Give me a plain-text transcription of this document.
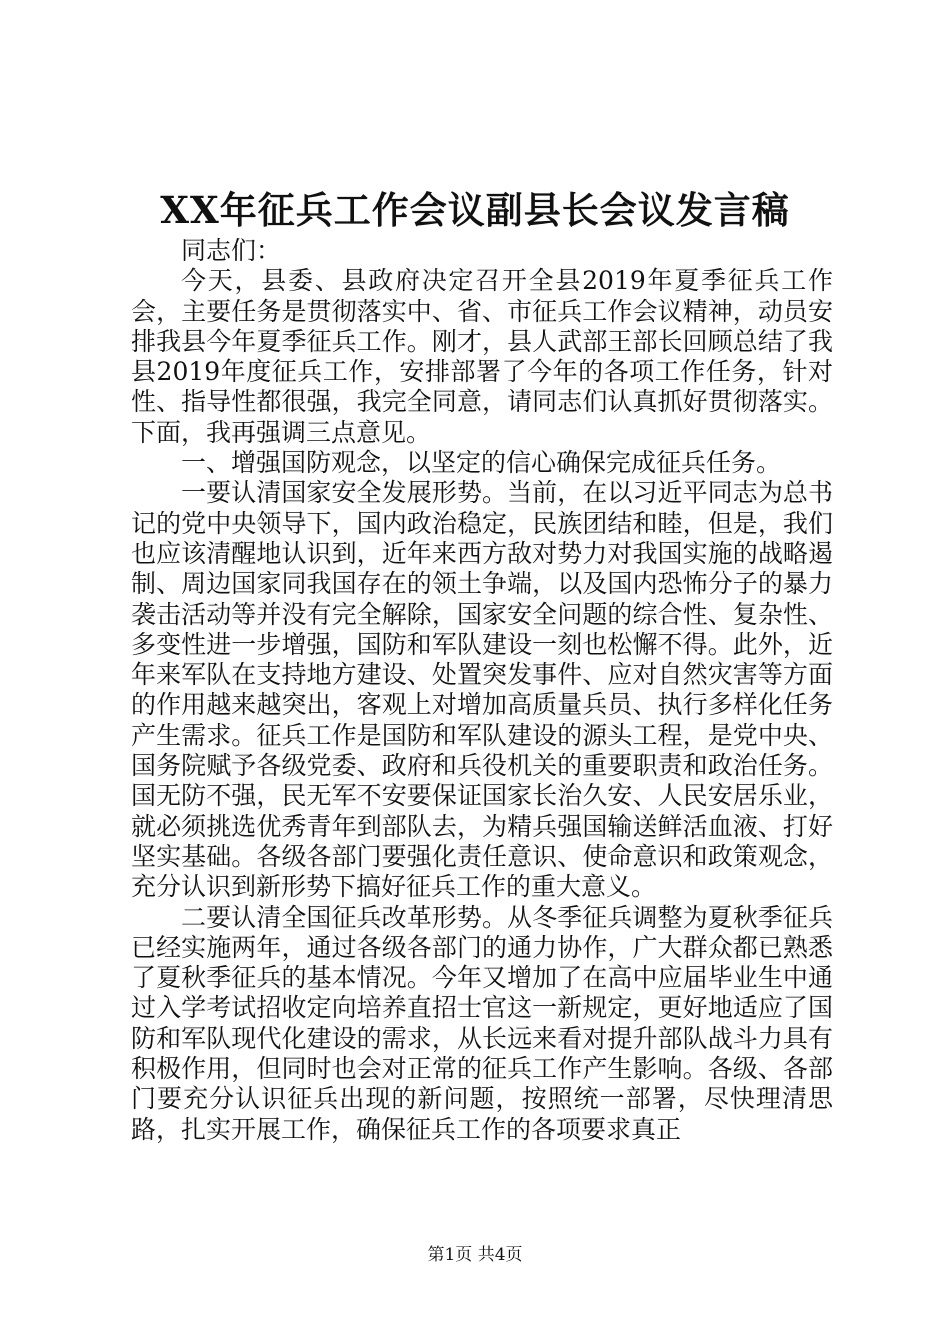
XX年征兵工作会议副县长会议发言稿

同志们：

今天，县委、县政府决定召开全县2019年夏季征兵工作会，主要任务是贯彻落实中、省、市征兵工作会议精神，动员安排我县今年夏季征兵工作。刚才，县人武部王部长回顾总结了我县2019年度征兵工作，安排部署了今年的各项工作任务，针对性、指导性都很强，我完全同意，请同志们认真抓好贯彻落实。下面，我再强调三点意见。

一、增强国防观念，以坚定的信心确保完成征兵任务。

一要认清国家安全发展形势。当前，在以习近平同志为总书记的党中央领导下，国内政治稳定，民族团结和睦，但是，我们也应该清醒地认识到，近年来西方敌对势力对我国实施的战略遏制、周边国家同我国存在的领土争端，以及国内恐怖分子的暴力袭击活动等并没有完全解除，国家安全问题的综合性、复杂性、多变性进一步增强，国防和军队建设一刻也松懈不得。此外，近年来军队在支持地方建设、处置突发事件、应对自然灾害等方面的作用越来越突出，客观上对增加高质量兵员、执行多样化任务产生需求。征兵工作是国防和军队建设的源头工程，是党中央、国务院赋予各级党委、政府和兵役机关的重要职责和政治任务。国无防不强，民无军不安要保证国家长治久安、人民安居乐业，就必须挑选优秀青年到部队去，为精兵强国输送鲜活血液、打好坚实基础。各级各部门要强化责任意识、使命意识和政策观念，充分认识到新形势下搞好征兵工作的重大意义。

二要认清全国征兵改革形势。从冬季征兵调整为夏秋季征兵已经实施两年，通过各级各部门的通力协作，广大群众都已熟悉了夏秋季征兵的基本情况。今年又增加了在高中应届毕业生中通过入学考试招收定向培养直招士官这一新规定，更好地适应了国防和军队现代化建设的需求，从长远来看对提升部队战斗力具有积极作用，但同时也会对正常的征兵工作产生影响。各级、各部门要充分认识征兵出现的新问题，按照统一部署，尽快理清思路，扎实开展工作，确保征兵工作的各项要求真正

第1页 共4页
